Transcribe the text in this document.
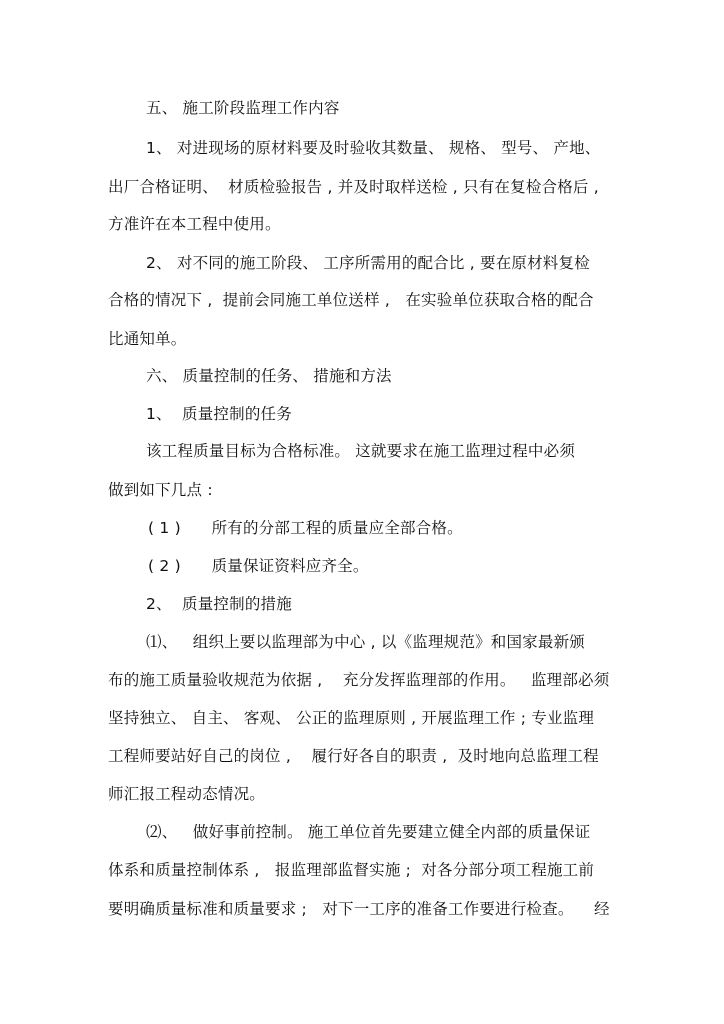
五、 施工阶段监理工作内容
1、 对进现场的原材料要及时验收其数量、 规格、 型号、 产地、
出厂合格证明、  材质检验报告 , 并及时取样送检 , 只有在复检合格后 ,
方准许在本工程中使用。
2、 对不同的施工阶段、 工序所需用的配合比 , 要在原材料复检
合格的情况下 ,  提前会同施工单位送样 ,   在实验单位获取合格的配合
比通知单。
六、 质量控制的任务、 措施和方法
1、  质量控制的任务
该工程质量目标为合格标准。 这就要求在施工监理过程中必须
做到如下几点 :
( 1 )      所有的分部工程的质量应全部合格。
( 2 )      质量保证资料应齐全。
2、  质量控制的措施
⑴、   组织上要以监理部为中心 , 以《监理规范》和国家最新颁
布的施工质量验收规范为依据 ,    充分发挥监理部的作用。   监理部必须
坚持独立、 自主、 客观、 公正的监理原则 , 开展监理工作 ; 专业监理
工程师要站好自己的岗位 ,    履行好各自的职责 ,  及时地向总监理工程
师汇报工程动态情况。
⑵、   做好事前控制。 施工单位首先要建立健全内部的质量保证
体系和质量控制体系 ,   报监理部监督实施 ;  对各分部分项工程施工前
要明确质量标准和质量要求 ;   对下一工序的准备工作要进行检查。    经
